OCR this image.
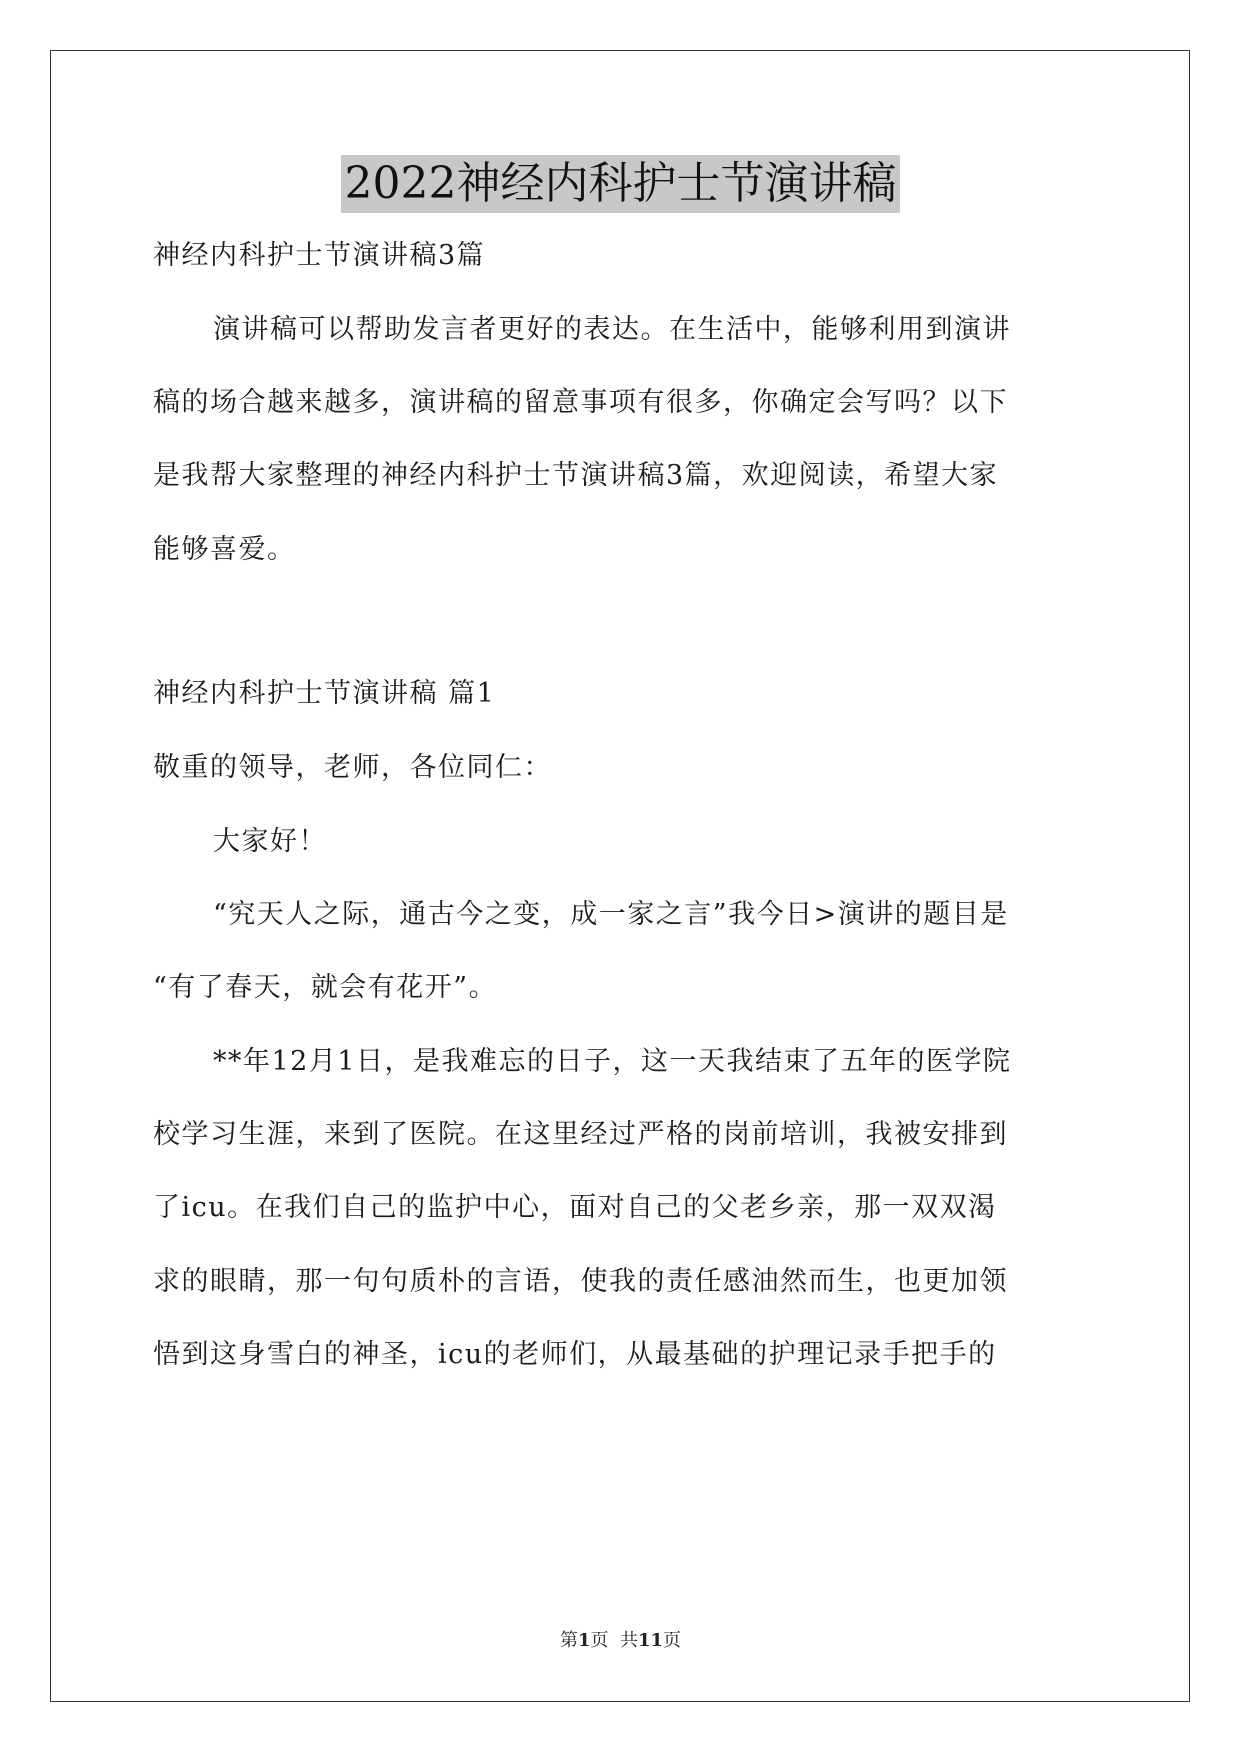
2022神经内科护士节演讲稿
神经内科护士节演讲稿3篇
演讲稿可以帮助发言者更好的表达。在生活中，能够利用到演讲
稿的场合越来越多，演讲稿的留意事项有很多，你确定会写吗？以下
是我帮大家整理的神经内科护士节演讲稿3篇，欢迎阅读，希望大家
能够喜爱。
神经内科护士节演讲稿 篇1
敬重的领导，老师，各位同仁：
大家好！
“究天人之际，通古今之变，成一家之言”我今日>演讲的题目是
“有了春天，就会有花开”。
**年12月1日，是我难忘的日子，这一天我结束了五年的医学院
校学习生涯，来到了医院。在这里经过严格的岗前培训，我被安排到
了icu。在我们自己的监护中心，面对自己的父老乡亲，那一双双渴
求的眼睛，那一句句质朴的言语，使我的责任感油然而生，也更加领
悟到这身雪白的神圣，icu的老师们，从最基础的护理记录手把手的
第1页  共11页
